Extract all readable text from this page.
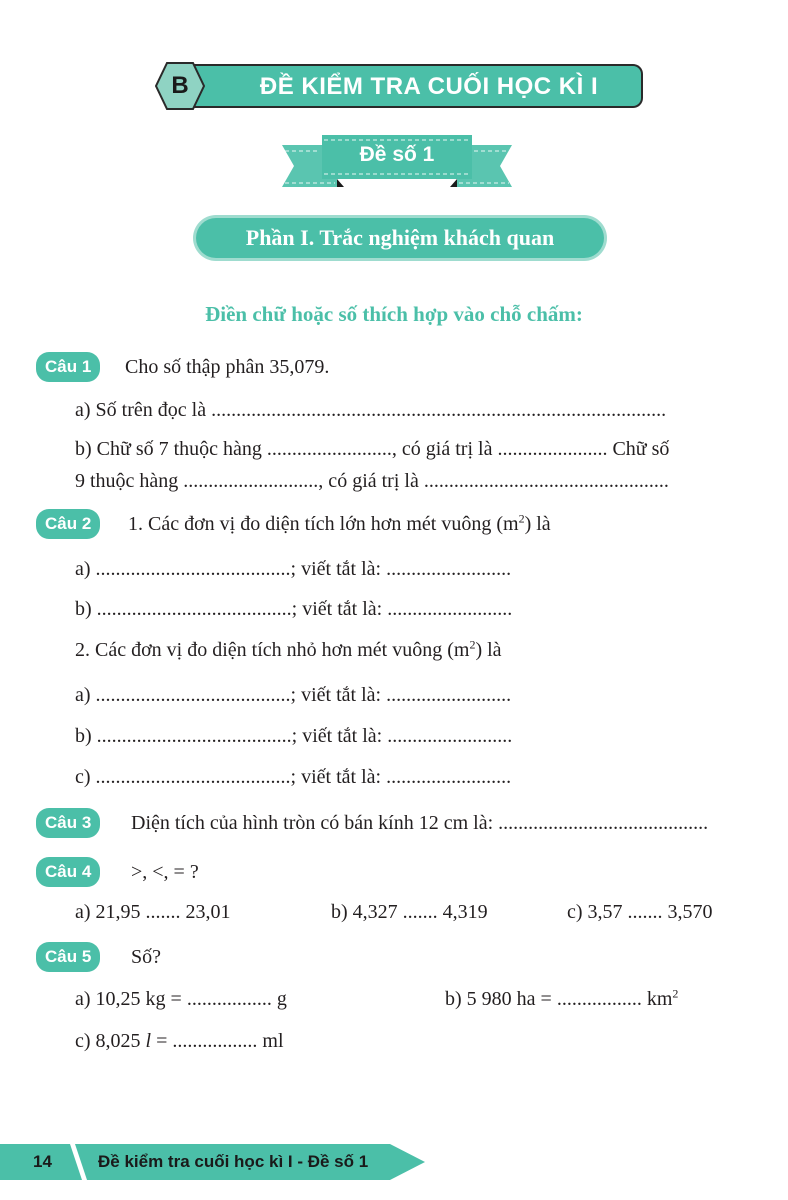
B	ĐỀ KIỂM TRA CUỐI HỌC KÌ I
Đề số 1
Phần I. Trắc nghiệm khách quan
Điền chữ hoặc số thích hợp vào chỗ chấm:
Câu 1	Cho số thập phân 35,079.
a) Số trên đọc là ...........................................................................................
b) Chữ số 7 thuộc hàng ........................., có giá trị là ...................... Chữ số
9 thuộc hàng ..........................., có giá trị là .................................................
Câu 2	1. Các đơn vị đo diện tích lớn hơn mét vuông $(m^2)$ là
a) .......................................; viết tắt là: .........................
b) .......................................; viết tắt là: .........................
2. Các đơn vị đo diện tích nhỏ hơn mét vuông $(m^2)$ là
a) .......................................; viết tắt là: .........................
b) .......................................; viết tắt là: .........................
c) .......................................; viết tắt là: .........................
Câu 3	Diện tích của hình tròn có bán kính 12 cm là: ..........................................
Câu 4	>, <, = ?
a) 21,95 ....... 23,01	b) 4,327 ....... 4,319	c) 3,57 ....... 3,570
Câu 5	Số?
a) 10,25 kg = ................. g	b) 5 980 ha = ................. $km^2$
c) 8,025 l = ................. ml
14	Đề kiểm tra cuối học kì I - Đề số 1
